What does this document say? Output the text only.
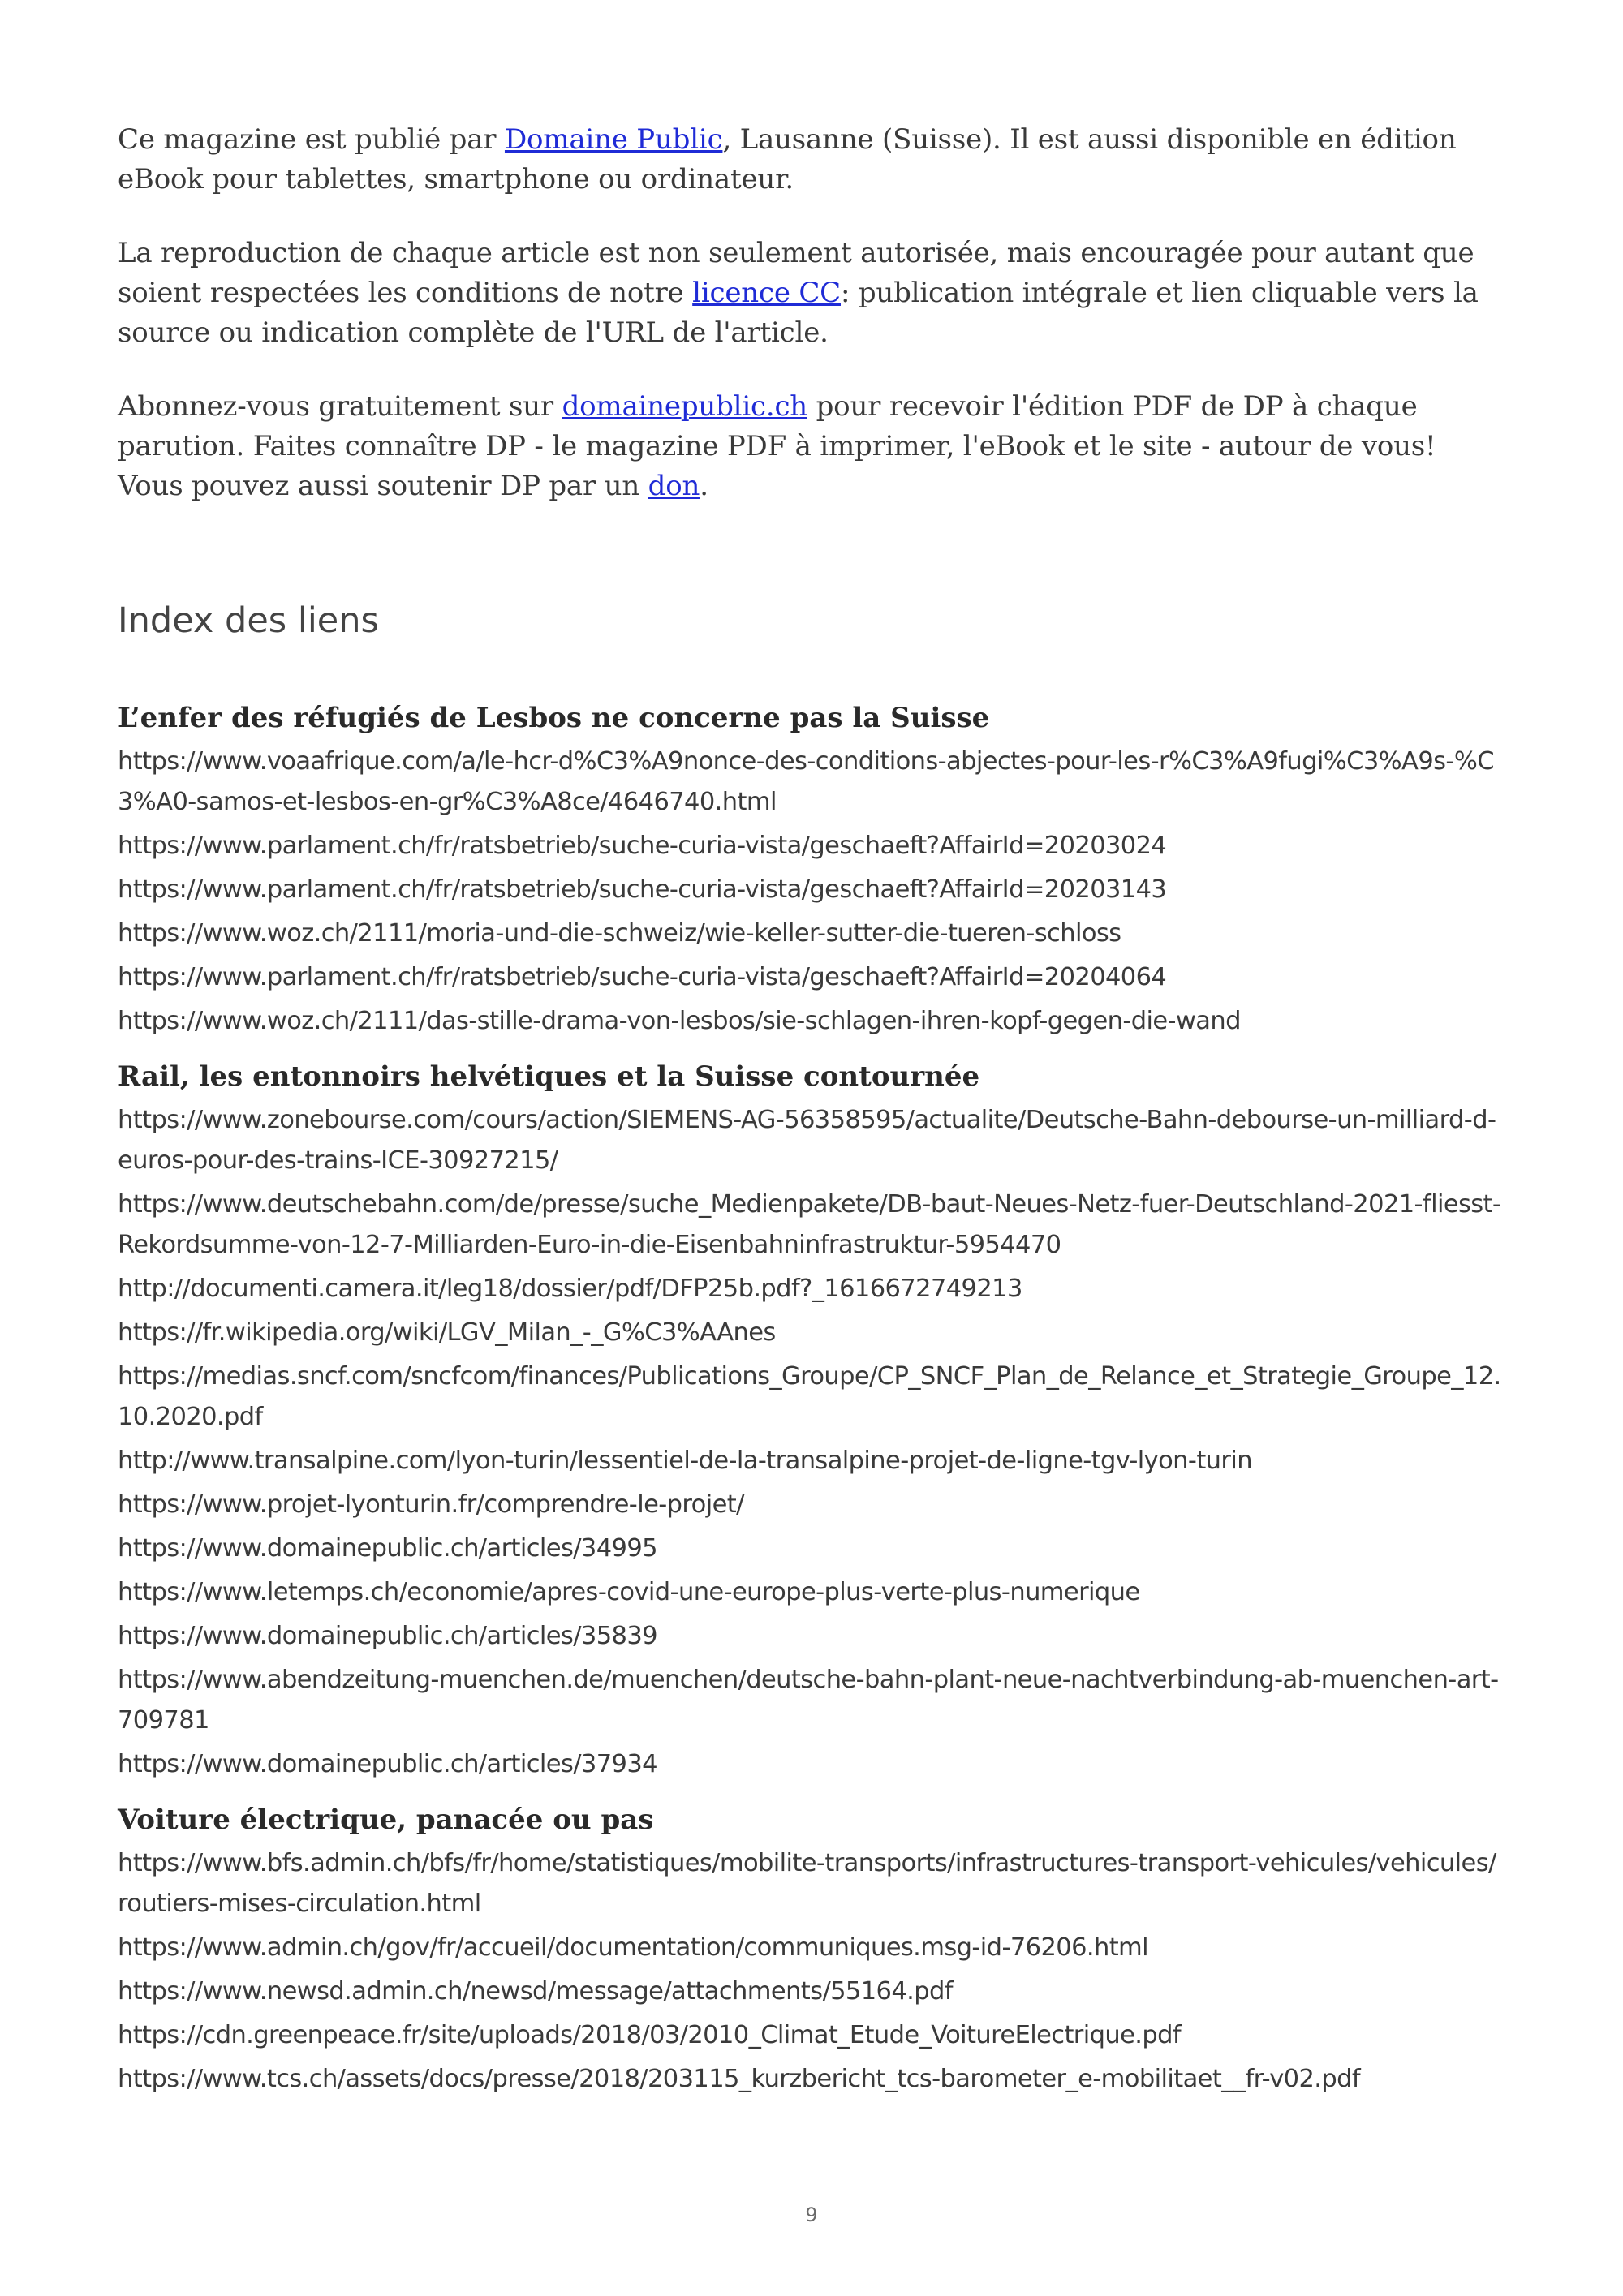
Ce magazine est publié par Domaine Public, Lausanne (Suisse). Il est aussi disponible en édition eBook pour tablettes, smartphone ou ordinateur.

La reproduction de chaque article est non seulement autorisée, mais encouragée pour autant que soient respectées les conditions de notre licence CC: publication intégrale et lien cliquable vers la source ou indication complète de l'URL de l'article.

Abonnez-vous gratuitement sur domainepublic.ch pour recevoir l'édition PDF de DP à chaque parution. Faites connaître DP - le magazine PDF à imprimer, l'eBook et le site - autour de vous! Vous pouvez aussi soutenir DP par un don.

Index des liens
L’enfer des réfugiés de Lesbos ne concerne pas la Suisse
https://www.voaafrique.com/a/le-hcr-d%C3%A9nonce-des-conditions-abjectes-pour-les-r%C3%A9fugi%C3%A9s-%C3%A0-samos-et-lesbos-en-gr%C3%A8ce/4646740.html
https://www.parlament.ch/fr/ratsbetrieb/suche-curia-vista/geschaeft?AffairId=20203024
https://www.parlament.ch/fr/ratsbetrieb/suche-curia-vista/geschaeft?AffairId=20203143
https://www.woz.ch/2111/moria-und-die-schweiz/wie-keller-sutter-die-tueren-schloss
https://www.parlament.ch/fr/ratsbetrieb/suche-curia-vista/geschaeft?AffairId=20204064
https://www.woz.ch/2111/das-stille-drama-von-lesbos/sie-schlagen-ihren-kopf-gegen-die-wand
Rail, les entonnoirs helvétiques et la Suisse contournée
https://www.zonebourse.com/cours/action/SIEMENS-AG-56358595/actualite/Deutsche-Bahn-debourse-un-milliard-d-euros-pour-des-trains-ICE-30927215/
https://www.deutschebahn.com/de/presse/suche_Medienpakete/DB-baut-Neues-Netz-fuer-Deutschland-2021-fliesst-Rekordsumme-von-12-7-Milliarden-Euro-in-die-Eisenbahninfrastruktur-5954470
http://documenti.camera.it/leg18/dossier/pdf/DFP25b.pdf?_1616672749213
https://fr.wikipedia.org/wiki/LGV_Milan_-_G%C3%AAnes
https://medias.sncf.com/sncfcom/finances/Publications_Groupe/CP_SNCF_Plan_de_Relance_et_Strategie_Groupe_12.10.2020.pdf
http://www.transalpine.com/lyon-turin/lessentiel-de-la-transalpine-projet-de-ligne-tgv-lyon-turin
https://www.projet-lyonturin.fr/comprendre-le-projet/
https://www.domainepublic.ch/articles/34995
https://www.letemps.ch/economie/apres-covid-une-europe-plus-verte-plus-numerique
https://www.domainepublic.ch/articles/35839
https://www.abendzeitung-muenchen.de/muenchen/deutsche-bahn-plant-neue-nachtverbindung-ab-muenchen-art-709781
https://www.domainepublic.ch/articles/37934
Voiture électrique, panacée ou pas
https://www.bfs.admin.ch/bfs/fr/home/statistiques/mobilite-transports/infrastructures-transport-vehicules/vehicules/routiers-mises-circulation.html
https://www.admin.ch/gov/fr/accueil/documentation/communiques.msg-id-76206.html
https://www.newsd.admin.ch/newsd/message/attachments/55164.pdf
https://cdn.greenpeace.fr/site/uploads/2018/03/2010_Climat_Etude_VoitureElectrique.pdf
https://www.tcs.ch/assets/docs/presse/2018/203115_kurzbericht_tcs-barometer_e-mobilitaet__fr-v02.pdf
9
